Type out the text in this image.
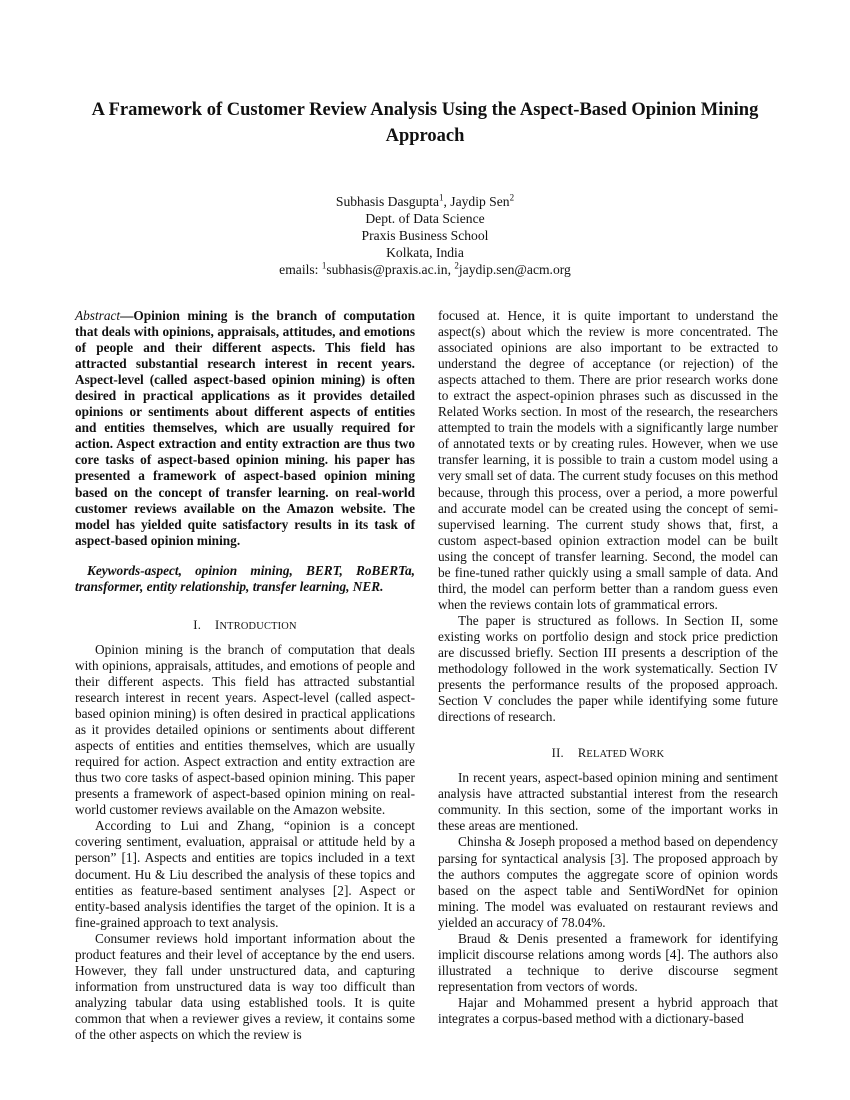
A Framework of Customer Review Analysis Using the Aspect-Based Opinion Mining Approach
Subhasis Dasgupta$^1$, Jaydip Sen$^2$
Dept. of Data Science
Praxis Business School
Kolkata, India
emails: $^1$subhasis@praxis.ac.in, $^2$jaydip.sen@acm.org

Abstract—Opinion mining is the branch of computation that deals with opinions, appraisals, attitudes, and emotions of people and their different aspects. This field has attracted substantial research interest in recent years. Aspect-level (called aspect-based opinion mining) is often desired in practical applications as it provides detailed opinions or sentiments about different aspects of entities and entities themselves, which are usually required for action. Aspect extraction and entity extraction are thus two core tasks of aspect-based opinion mining. his paper has presented a framework of aspect-based opinion mining based on the concept of transfer learning. on real-world customer reviews available on the Amazon website. The model has yielded quite satisfactory results in its task of aspect-based opinion mining.

Keywords-aspect, opinion mining, BERT, RoBERTa, transformer, entity relationship, transfer learning, NER.

I. INTRODUCTION

Opinion mining is the branch of computation that deals with opinions, appraisals, attitudes, and emotions of people and their different aspects. This field has attracted substantial research interest in recent years. Aspect-level (called aspect-based opinion mining) is often desired in practical applications as it provides detailed opinions or sentiments about different aspects of entities and entities themselves, which are usually required for action. Aspect extraction and entity extraction are thus two core tasks of aspect-based opinion mining. This paper presents a framework of aspect-based opinion mining on real-world customer reviews available on the Amazon website.

According to Lui and Zhang, “opinion is a concept covering sentiment, evaluation, appraisal or attitude held by a person” [1]. Aspects and entities are topics included in a text document. Hu & Liu described the analysis of these topics and entities as feature-based sentiment analyses [2]. Aspect or entity-based analysis identifies the target of the opinion. It is a fine-grained approach to text analysis.

Consumer reviews hold important information about the product features and their level of acceptance by the end users. However, they fall under unstructured data, and capturing information from unstructured data is way too difficult than analyzing tabular data using established tools. It is quite common that when a reviewer gives a review, it contains some of the other aspects on which the review is

focused at. Hence, it is quite important to understand the aspect(s) about which the review is more concentrated. The associated opinions are also important to be extracted to understand the degree of acceptance (or rejection) of the aspects attached to them. There are prior research works done to extract the aspect-opinion phrases such as discussed in the Related Works section. In most of the research, the researchers attempted to train the models with a significantly large number of annotated texts or by creating rules. However, when we use transfer learning, it is possible to train a custom model using a very small set of data. The current study focuses on this method because, through this process, over a period, a more powerful and accurate model can be created using the concept of semi-supervised learning. The current study shows that, first, a custom aspect-based opinion extraction model can be built using the concept of transfer learning. Second, the model can be fine-tuned rather quickly using a small sample of data. And third, the model can perform better than a random guess even when the reviews contain lots of grammatical errors.

The paper is structured as follows. In Section II, some existing works on portfolio design and stock price prediction are discussed briefly. Section III presents a description of the methodology followed in the work systematically. Section IV presents the performance results of the proposed approach. Section V concludes the paper while identifying some future directions of research.

II. RELATED WORK

In recent years, aspect-based opinion mining and sentiment analysis have attracted substantial interest from the research community. In this section, some of the important works in these areas are mentioned.

Chinsha & Joseph proposed a method based on dependency parsing for syntactical analysis [3]. The proposed approach by the authors computes the aggregate score of opinion words based on the aspect table and SentiWordNet for opinion mining. The model was evaluated on restaurant reviews and yielded an accuracy of 78.04%.

Braud & Denis presented a framework for identifying implicit discourse relations among words [4]. The authors also illustrated a technique to derive discourse segment representation from vectors of words.

Hajar and Mohammed present a hybrid approach that integrates a corpus-based method with a dictionary-based
